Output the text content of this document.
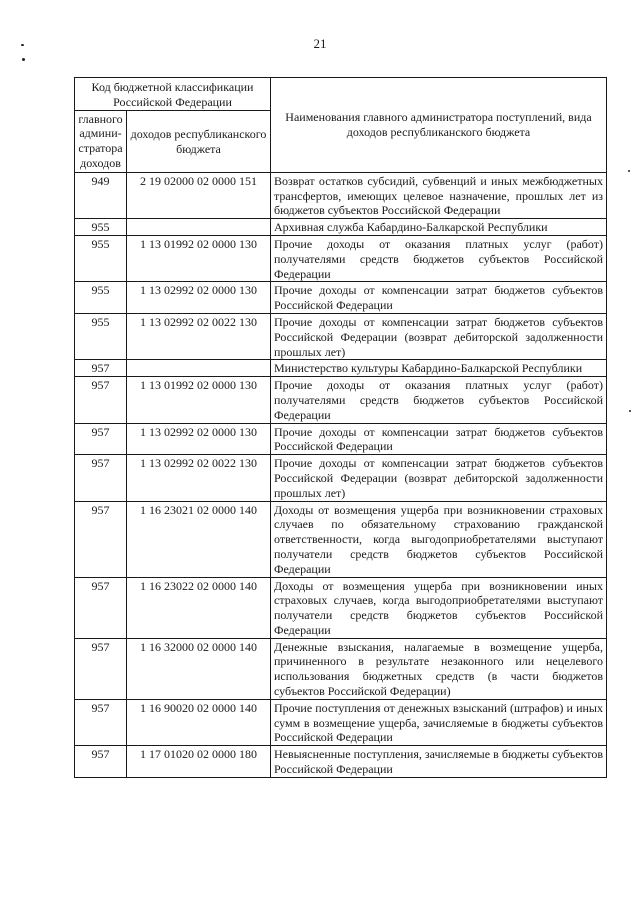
21
Код бюджетной классификации Российской Федерации		Наименования главного администратора поступлений, вида доходов республиканского бюджета
главного админи-стратора доходов	доходов республиканского бюджета	
949	2 19 02000 02 0000 151	Возврат остатков субсидий, субвенций и иных межбюджетных трансфертов, имеющих целевое назначение, прошлых лет из бюджетов субъектов Российской Федерации
955		Архивная служба Кабардино-Балкарской Республики
955	1 13 01992 02 0000 130	Прочие доходы от оказания платных услуг (работ) получателями средств бюджетов субъектов Российской Федерации
955	1 13 02992 02 0000 130	Прочие доходы от компенсации затрат бюджетов субъектов Российской Федерации
955	1 13 02992 02 0022 130	Прочие доходы от компенсации затрат бюджетов субъектов Российской Федерации (возврат дебиторской задолженности прошлых лет)
957		Министерство культуры Кабардино-Балкарской Республики
957	1 13 01992 02 0000 130	Прочие доходы от оказания платных услуг (работ) получателями средств бюджетов субъектов Российской Федерации
957	1 13 02992 02 0000 130	Прочие доходы от компенсации затрат бюджетов субъектов Российской Федерации
957	1 13 02992 02 0022 130	Прочие доходы от компенсации затрат бюджетов субъектов Российской Федерации (возврат дебиторской задолженности прошлых лет)
957	1 16 23021 02 0000 140	Доходы от возмещения ущерба при возникновении страховых случаев по обязательному страхованию гражданской ответственности, когда выгодоприобретателями выступают получатели средств бюджетов субъектов Российской Федерации
957	1 16 23022 02 0000 140	Доходы от возмещения ущерба при возникновении иных страховых случаев, когда выгодоприобретателями выступают получатели средств бюджетов субъектов Российской Федерации
957	1 16 32000 02 0000 140	Денежные взыскания, налагаемые в возмещение ущерба, причиненного в результате незаконного или нецелевого использования бюджетных средств (в части бюджетов субъектов Российской Федерации)
957	1 16 90020 02 0000 140	Прочие поступления от денежных взысканий (штрафов) и иных сумм в возмещение ущерба, зачисляемые в бюджеты субъектов Российской Федерации
957	1 17 01020 02 0000 180	Невыясненные поступления, зачисляемые в бюджеты субъектов Российской Федерации
